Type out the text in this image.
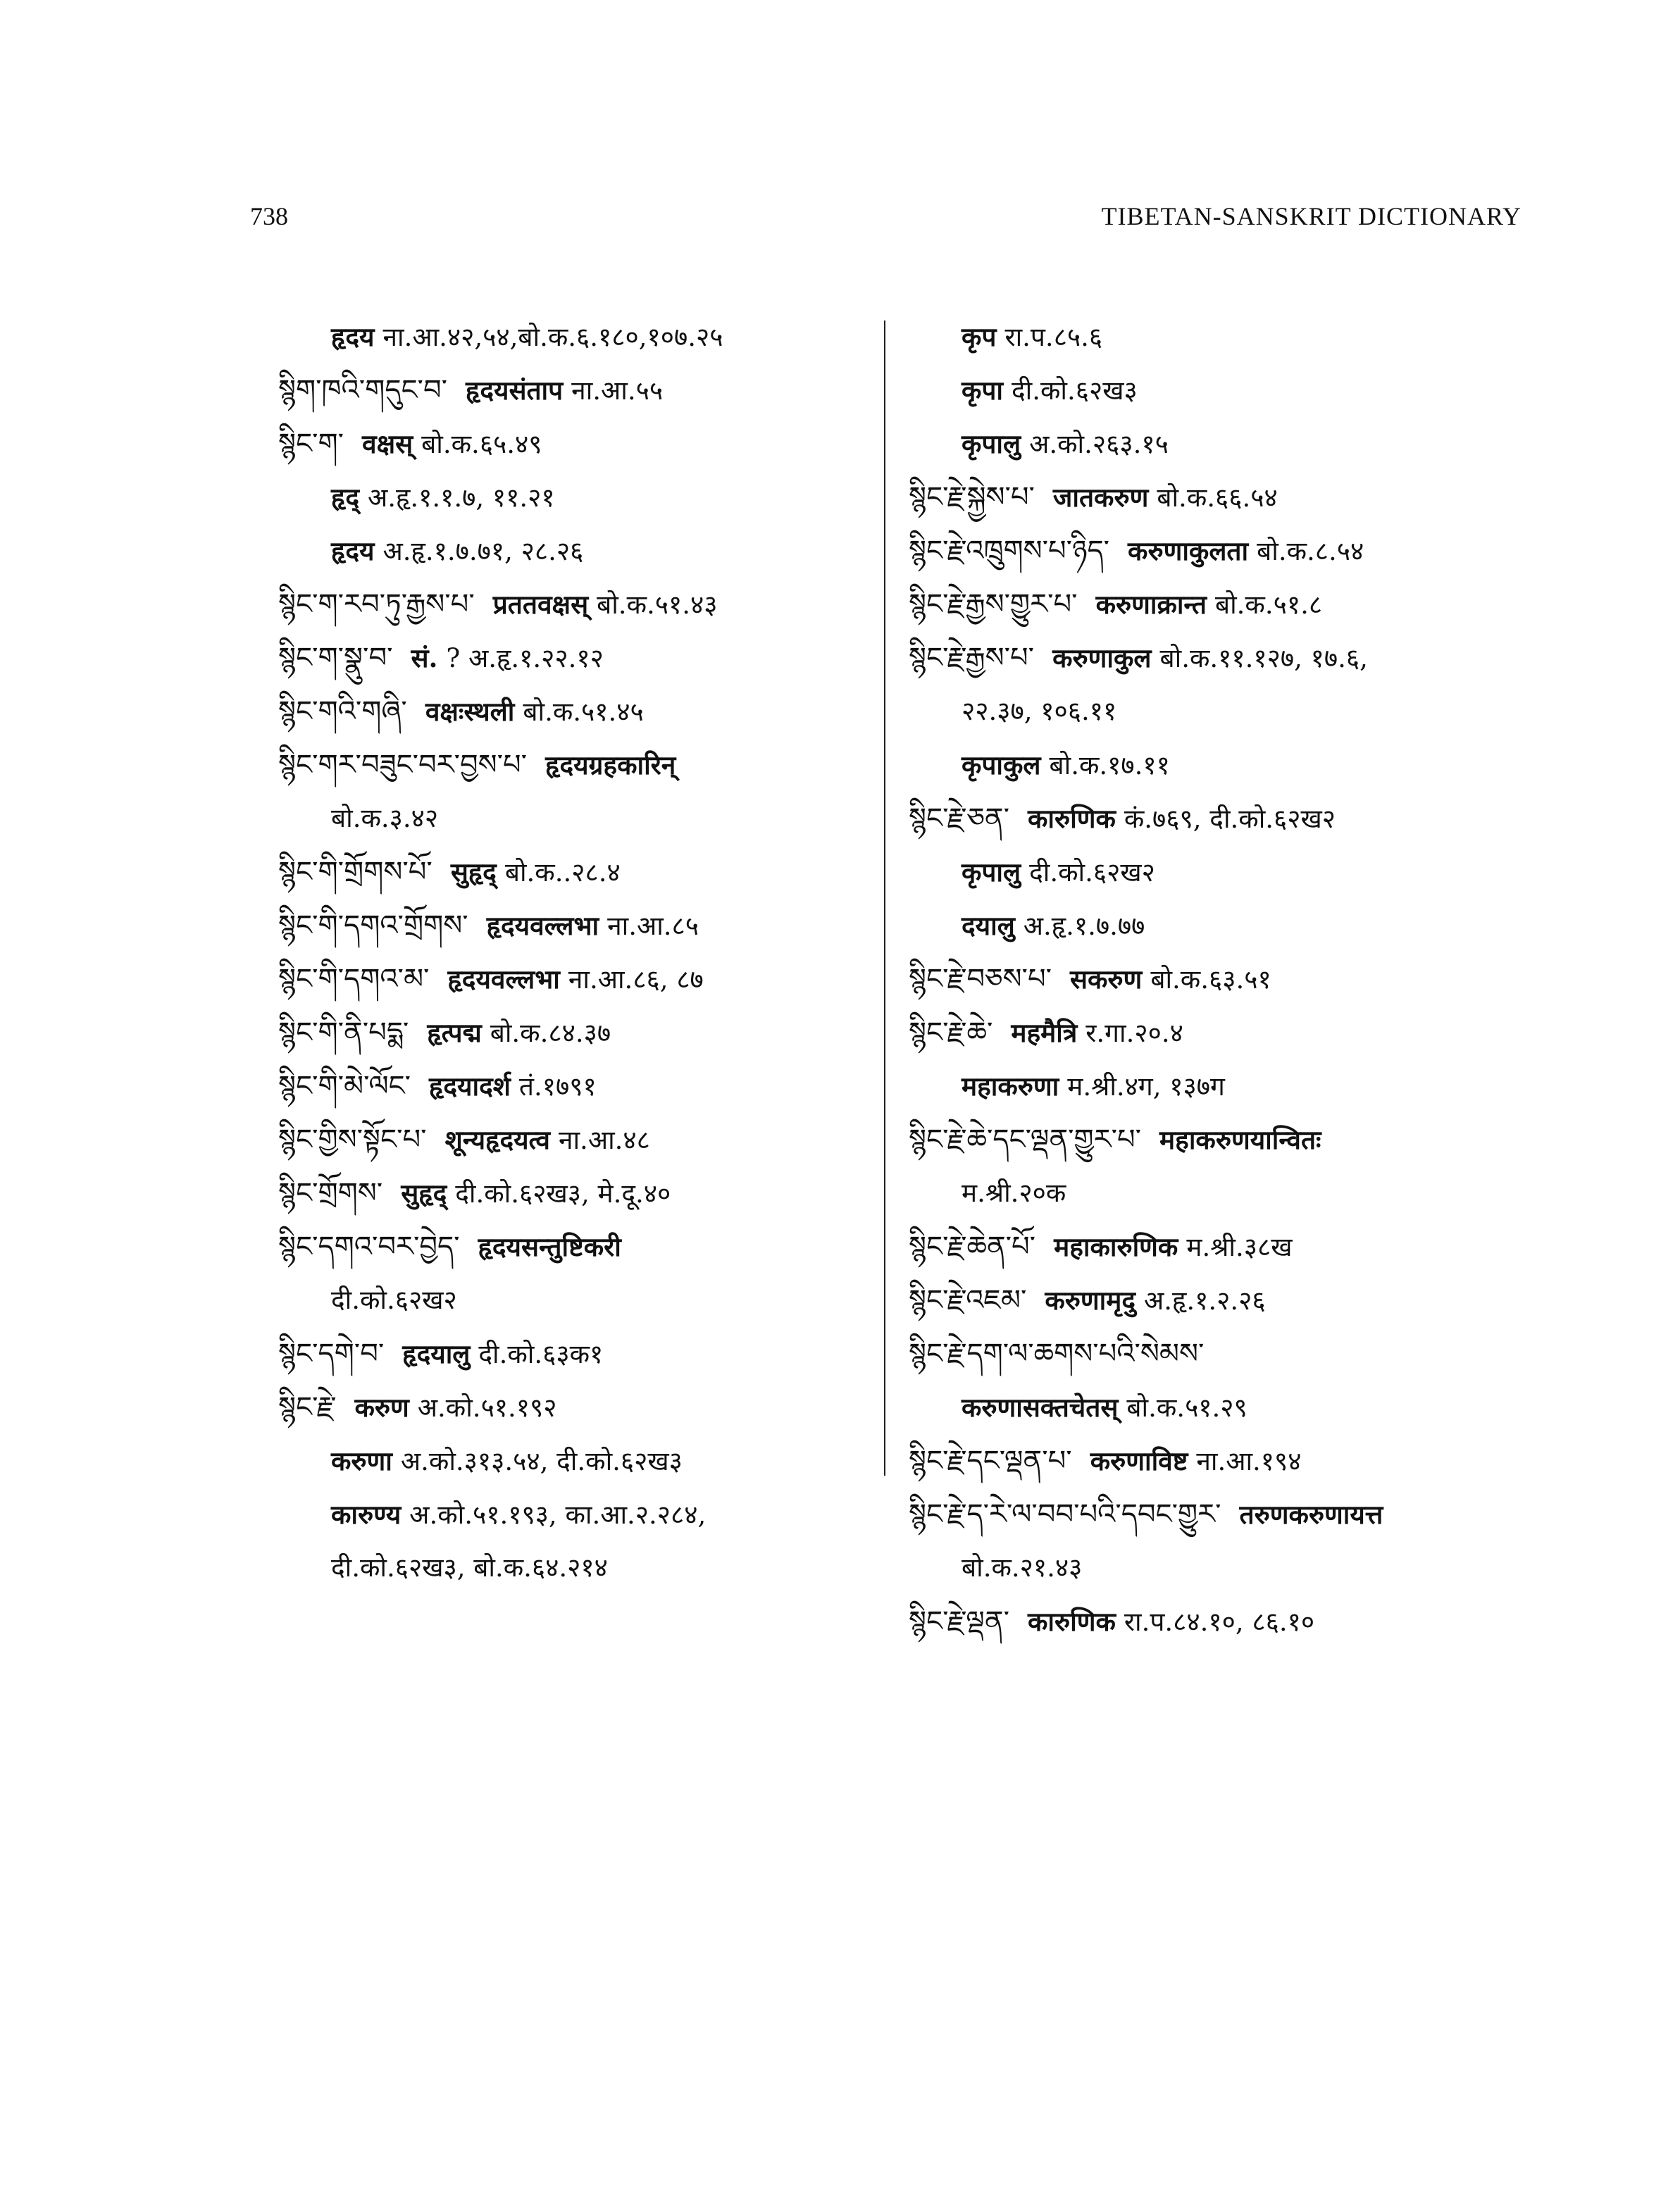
738	TIBETAN-SANSKRIT DICTIONARY
हृदय ना.आ.४२,५४,बो.क.६.१८०,१०७.२५
སྙིག་ཁའི་གདུང་བ་ हृदयसंताप ना.आ.५५
སྙིང་ག་ वक्षस् बो.क.६५.४९
हृद् अ.हृ.१.१.७, ११.२१
हृदय अ.हृ.१.७.७१, २८.२६
སྙིང་ག་རབ་ཏུ་རྒྱས་པ་ प्रततवक्षस् बो.क.५१.४३
སྙིང་ག་སྣུ་བ་ सं. ? अ.हृ.१.२२.१२
སྙིང་གའི་གཞི་ वक्षःस्थली बो.क.५१.४५
སྙིང་གར་བཟུང་བར་བྱས་པ་ हृदयग्रहकारिन्
बो.क.३.४२
སྙིང་གི་གྲོགས་པོ་ सुहृद् बो.क..२८.४
སྙིང་གི་དགའ་གྲོགས་ हृदयवल्लभा ना.आ.८५
སྙིང་གི་དགའ་མ་ हृदयवल्लभा ना.आ.८६, ८७
སྙིང་གི་ནི་པདྨ་ हृत्पद्म बो.क.८४.३७
སྙིང་གི་མེ་ལོང་ हृदयादर्श तं.१७९१
སྙིང་གྱིས་སྟོང་པ་ शून्यहृदयत्व ना.आ.४८
སྙིང་གྲོགས་ सुहृद् दी.को.६२ख३, मे.दू.४०
སྙིང་དགའ་བར་བྱེད་ हृदयसन्तुष्टिकरी
दी.को.६२ख२
སྙིང་དགེ་བ་ हृदयालु दी.को.६३क१
སྙིང་རྗེ་ करुण अ.को.५१.१९२
करुणा अ.को.३१३.५४, दी.को.६२ख३
कारुण्य अ.को.५१.१९३, का.आ.२.२८४,
दी.को.६२ख३, बो.क.६४.२१४
कृप रा.प.८५.६
कृपा दी.को.६२ख३
कृपालु अ.को.२६३.१५
སྙིང་རྗེ་སྐྱེས་པ་ जातकरुण बो.क.६६.५४
སྙིང་རྗེ་འཁྲུགས་པ་ཉིད་ करुणाकुलता बो.क.८.५४
སྙིང་རྗེ་རྒྱས་གྱུར་པ་ करुणाक्रान्त बो.क.५१.८
སྙིང་རྗེ་རྒྱས་པ་ करुणाकुल बो.क.११.१२७, १७.६,
२२.३७, १०६.११
कृपाकुल बो.क.१७.११
སྙིང་རྗེ་ཅན་ कारुणिक कं.७६९, दी.को.६२ख२
कृपालु दी.को.६२ख२
दयालु अ.हृ.१.७.७७
སྙིང་རྗེ་བཅས་པ་ सकरुण बो.क.६३.५१
སྙིང་རྗེ་ཆེ་ महमैत्रि र.गा.२०.४
महाकरुणा म.श्री.४ग, १३७ग
སྙིང་རྗེ་ཆེ་དང་ལྡན་གྱུར་པ་ महाकरुणयान्वितः
म.श्री.२०क
སྙིང་རྗེ་ཆེན་པོ་ महाकारुणिक म.श्री.३८ख
སྙིང་རྗེ་འཇམ་ करुणामृदु अ.हृ.१.२.२६
སྙིང་རྗེ་དག་ལ་ཆགས་པའི་སེམས་
करुणासक्तचेतस् बो.क.५१.२९
སྙིང་རྗེ་དང་ལྡན་པ་ करुणाविष्ट ना.आ.१९४
སྙིང་རྗེ་ད་རེ་ལ་བབ་པའི་དབང་གྱུར་ तरुणकरुणायत्त
बो.क.२१.४३
སྙིང་རྗེ་ལྡན་ कारुणिक रा.प.८४.१०, ८६.१०
